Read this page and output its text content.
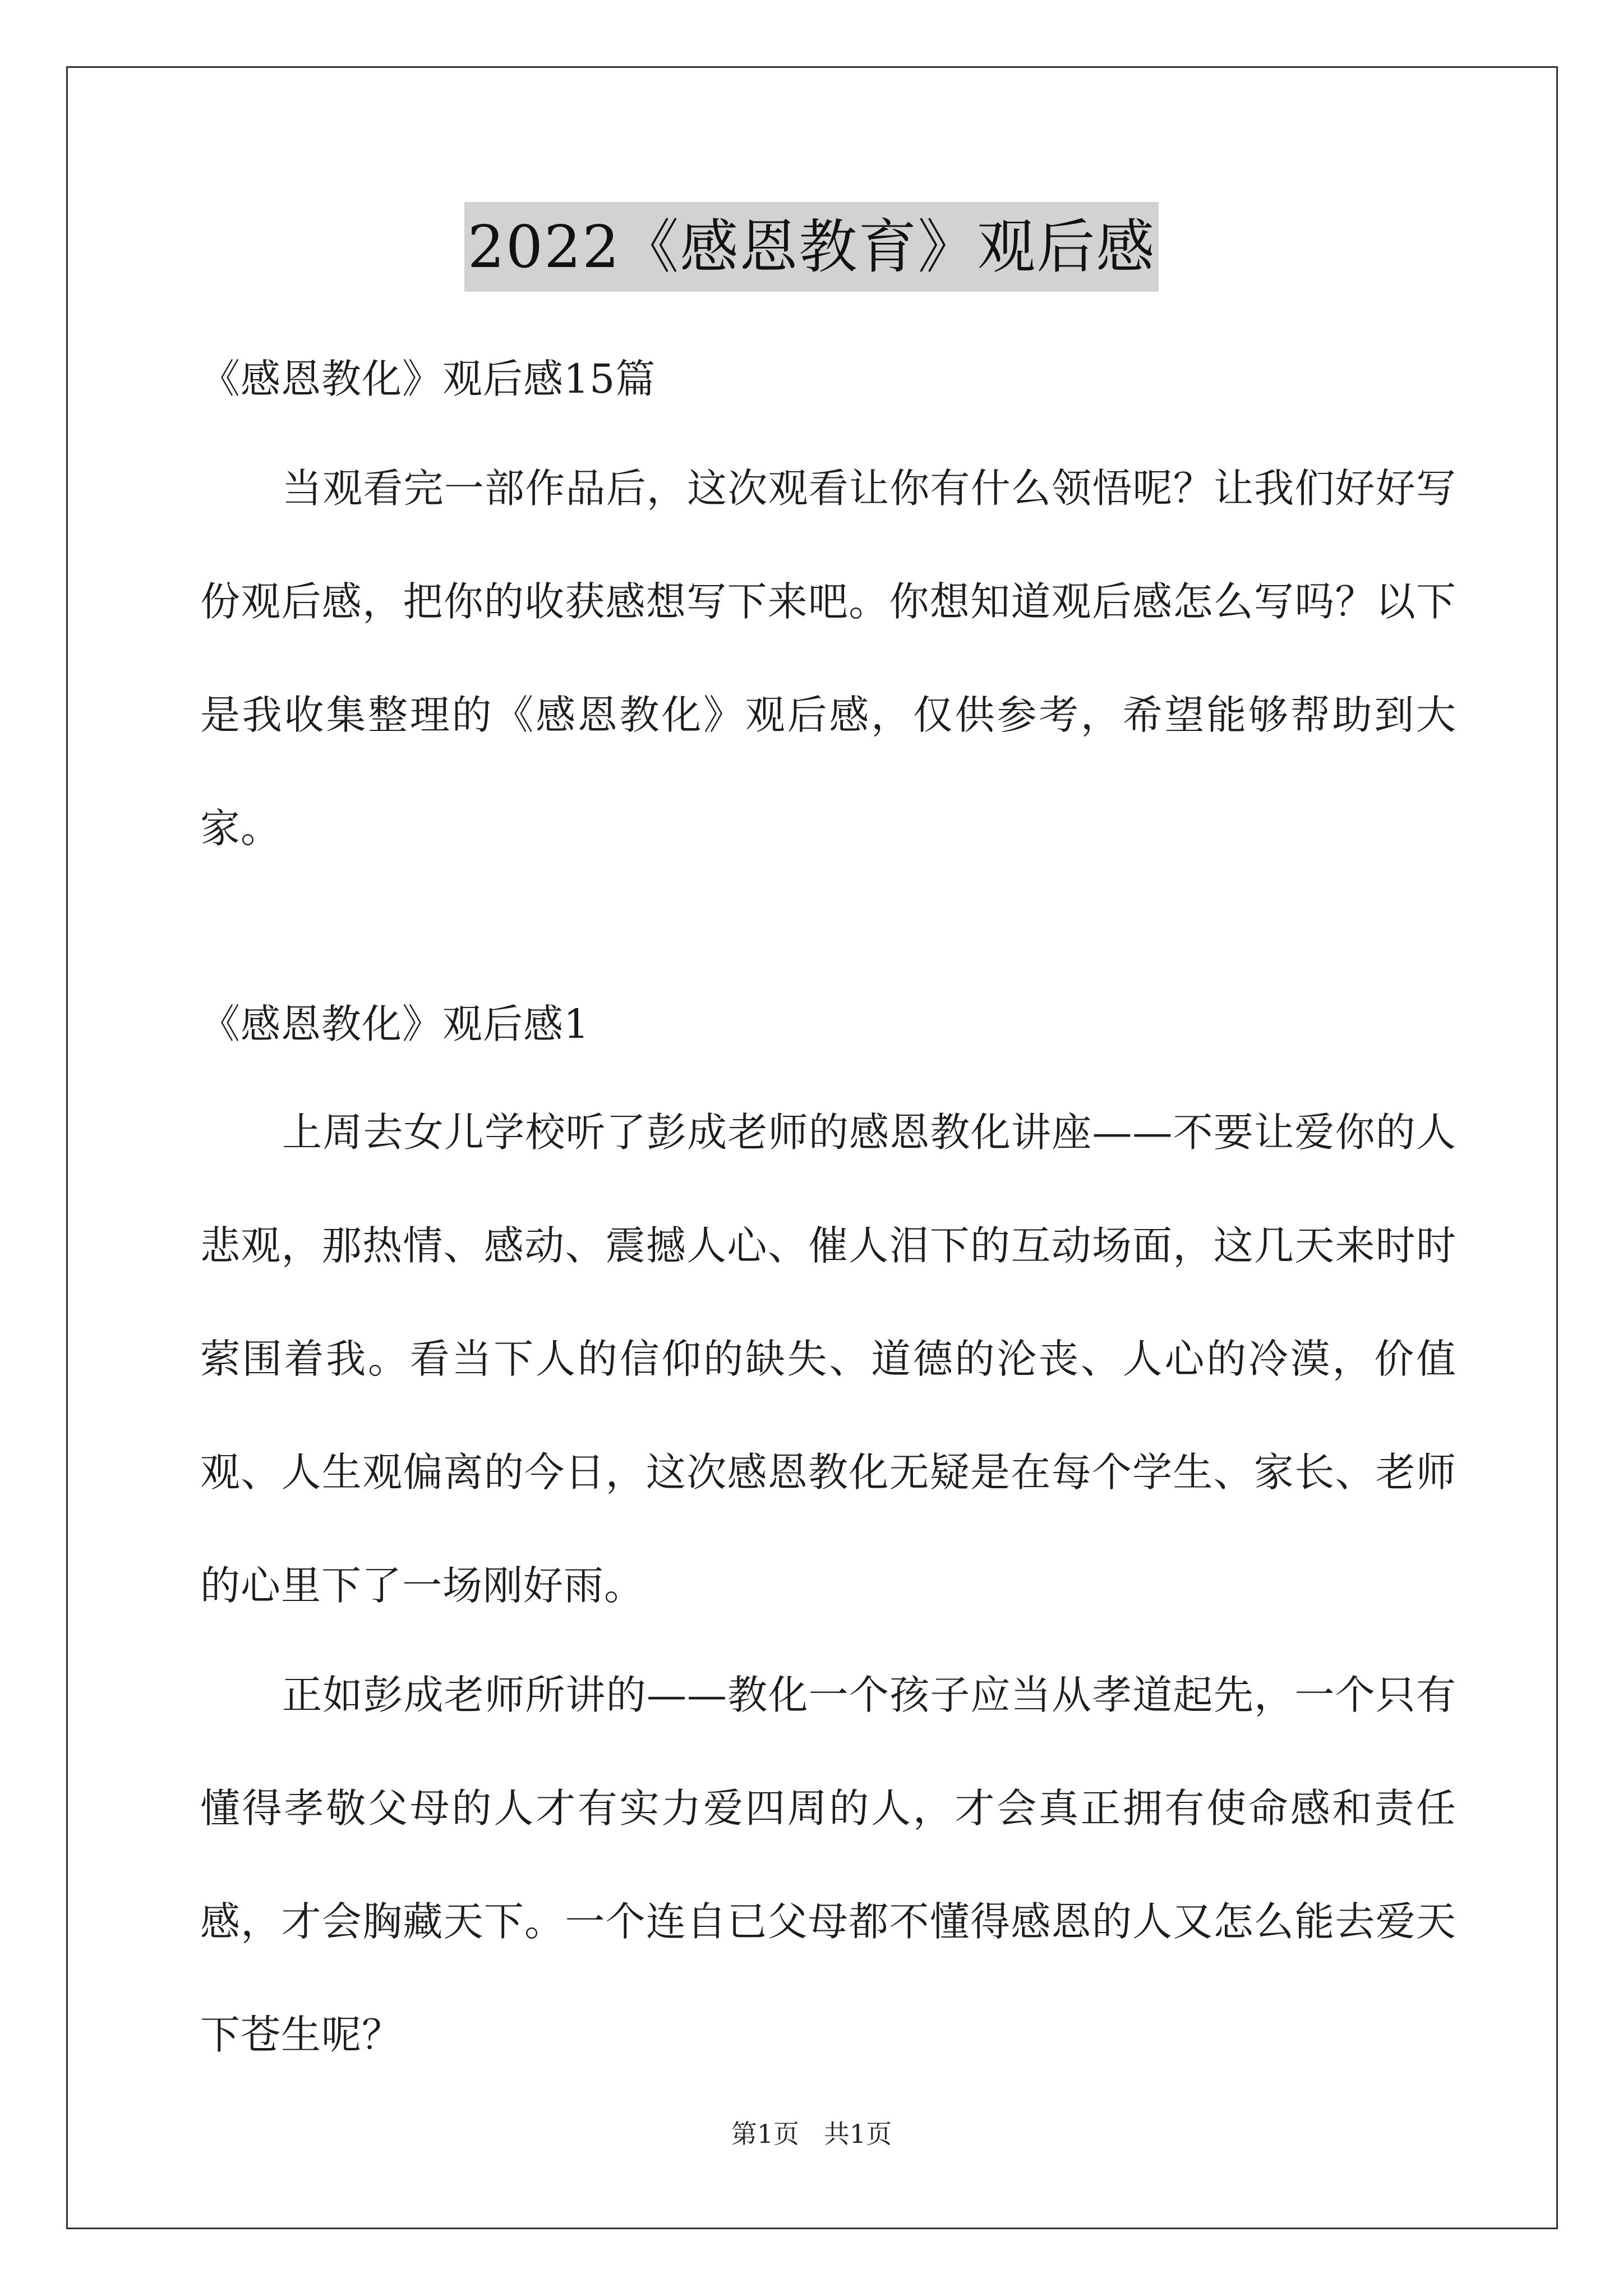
2022《感恩教育》观后感

《感恩教化》观后感15篇

当观看完一部作品后，这次观看让你有什么领悟呢？让我们好好写份观后感，把你的收获感想写下来吧。你想知道观后感怎么写吗？以下是我收集整理的《感恩教化》观后感，仅供参考，希望能够帮助到大家。

《感恩教化》观后感1

上周去女儿学校听了彭成老师的感恩教化讲座——不要让爱你的人悲观，那热情、感动、震撼人心、催人泪下的互动场面，这几天来时时萦围着我。看当下人的信仰的缺失、道德的沦丧、人心的冷漠，价值观、人生观偏离的今日，这次感恩教化无疑是在每个学生、家长、老师的心里下了一场刚好雨。

正如彭成老师所讲的——教化一个孩子应当从孝道起先，一个只有懂得孝敬父母的人才有实力爱四周的人，才会真正拥有使命感和责任感，才会胸藏天下。一个连自已父母都不懂得感恩的人又怎么能去爱天下苍生呢？

第1页   共1页
